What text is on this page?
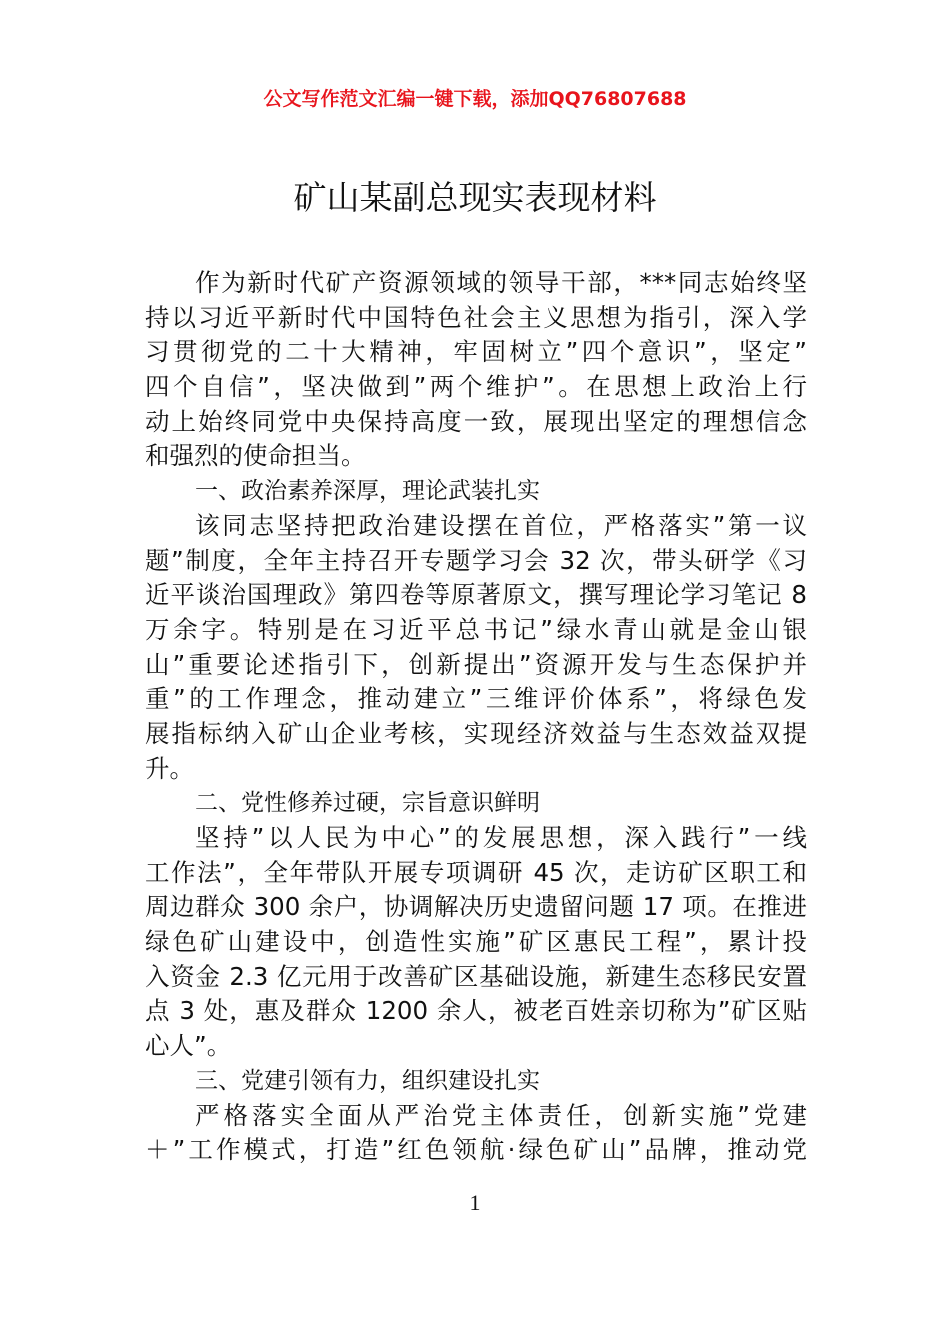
公文写作范文汇编一键下载，添加QQ76807688
矿山某副总现实表现材料
作为新时代矿产资源领域的领导干部，***同志始终坚
持以习近平新时代中国特色社会主义思想为指引，深入学
习贯彻党的二十大精神，牢固树立”四个意识”，坚定”
四个自信”，坚决做到”两个维护”。在思想上政治上行
动上始终同党中央保持高度一致，展现出坚定的理想信念
和强烈的使命担当。
一、政治素养深厚，理论武装扎实
该同志坚持把政治建设摆在首位，严格落实”第一议
题”制度，全年主持召开专题学习会 32 次，带头研学《习
近平谈治国理政》第四卷等原著原文，撰写理论学习笔记 8
万余字。特别是在习近平总书记”绿水青山就是金山银
山”重要论述指引下，创新提出”资源开发与生态保护并
重”的工作理念，推动建立”三维评价体系”，将绿色发
展指标纳入矿山企业考核，实现经济效益与生态效益双提
升。
二、党性修养过硬，宗旨意识鲜明
坚持”以人民为中心”的发展思想，深入践行”一线
工作法”，全年带队开展专项调研 45 次，走访矿区职工和
周边群众 300 余户，协调解决历史遗留问题 17 项。在推进
绿色矿山建设中，创造性实施”矿区惠民工程”，累计投
入资金 2.3 亿元用于改善矿区基础设施，新建生态移民安置
点 3 处，惠及群众 1200 余人，被老百姓亲切称为”矿区贴
心人”。
三、党建引领有力，组织建设扎实
严格落实全面从严治党主体责任，创新实施”党建
＋”工作模式，打造”红色领航·绿色矿山”品牌，推动党
1
